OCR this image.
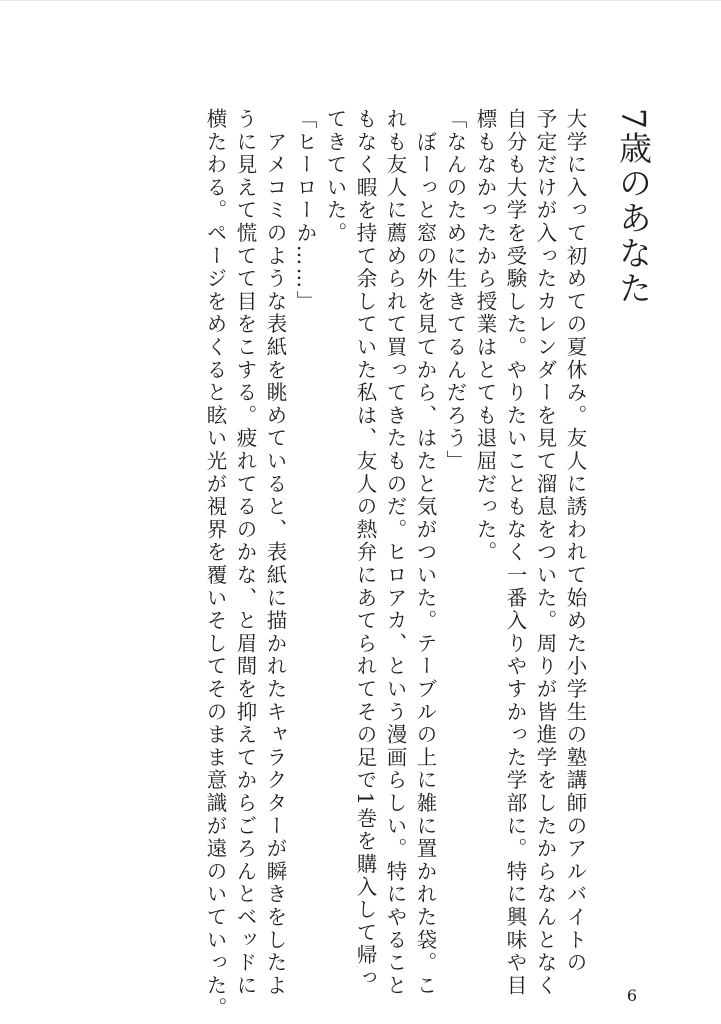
7歳のあなた
大学に入って初めての夏休み。友人に誘われて始めた小学生の塾講師のアルバイトの
予定だけが入ったカレンダーを見て溜息をついた。周りが皆進学をしたからなんとなく
自分も大学を受験した。やりたいこともなく一番入りやすかった学部に。特に興味や目
標もなかったから授業はとても退屈だった。
「なんのために生きてるんだろう」
　ぼーっと窓の外を見てから、はたと気がついた。テーブルの上に雑に置かれた袋。こ
れも友人に薦められて買ってきたものだ。ヒロアカ、という漫画らしい。特にやること
もなく暇を持て余していた私は、友人の熱弁にあてられてその足で1巻を購入して帰っ
てきていた。
「ヒーローか……」
　アメコミのような表紙を眺めていると、表紙に描かれたキャラクターが瞬きをしたよ
うに見えて慌てて目をこする。疲れてるのかな、と眉間を抑えてからごろんとベッドに
横たわる。ページをめくると眩い光が視界を覆いそしてそのまま意識が遠のいていった。	6
